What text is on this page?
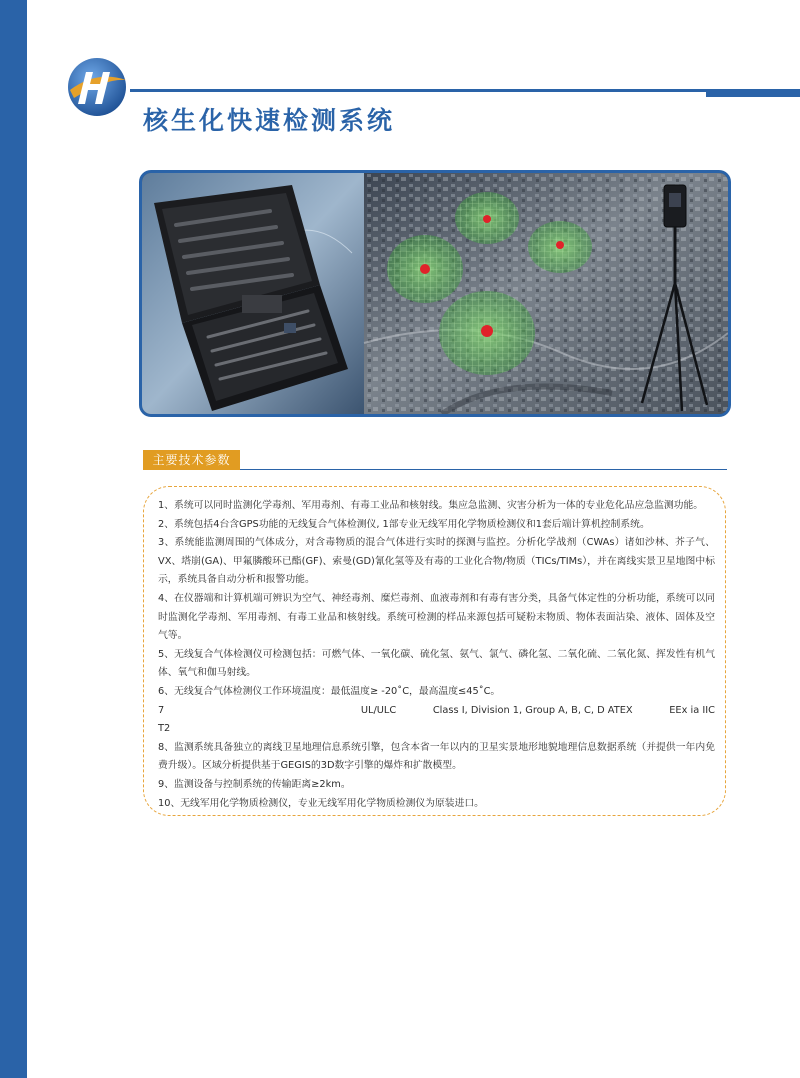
核生化快速检测系统
主要技术参数

1、系统可以同时监测化学毒剂、军用毒剂、有毒工业品和核射线。集应急监测、灾害分析为一体的专业危化品应急监测功能。

2、系统包括4台含GPS功能的无线复合气体检测仪, 1部专业无线军用化学物质检测仪和1套后端计算机控制系统。

3、系统能监测周围的气体成分，对含毒物质的混合气体进行实时的探测与监控。分析化学战剂（CWAs）诸如沙林、芥子气、VX、塔崩(GA)、甲氟膦酸环已酯(GF)、索曼(GD)氰化氢等及有毒的工业化合物/物质（TICs/TIMs），并在离线实景卫星地图中标示，系统具备自动分析和报警功能。

4、在仪器端和计算机端可辨识为空气、神经毒剂、糜烂毒剂、血液毒剂和有毒有害分类，具备气体定性的分析功能，系统可以同时监测化学毒剂、军用毒剂、有毒工业品和核射线。系统可检测的样品来源包括可疑粉末物质、物体表面沾染、液体、固体及空气等。

5、无线复合气体检测仪可检测包括：可燃气体、一氧化碳、硫化氢、氨气、氯气、磷化氢、二氧化硫、二氧化氮、挥发性有机气体、氧气和伽马射线。

6、无线复合气体检测仪工作环境温度：最低温度≥ -20˚C，最高温度≤45˚C。

7	UL/ULC	Class I, Division 1, Group A, B, C, D ATEX	EEx ia IIC

T2

8、监测系统具备独立的离线卫星地理信息系统引擎，包含本省一年以内的卫星实景地形地貌地理信息数据系统（并提供一年内免费升级）。区域分析提供基于GEGIS的3D数字引擎的爆炸和扩散模型。

9、监测设备与控制系统的传输距离≥2km。

10、无线军用化学物质检测仪，专业无线军用化学物质检测仪为原装进口。
